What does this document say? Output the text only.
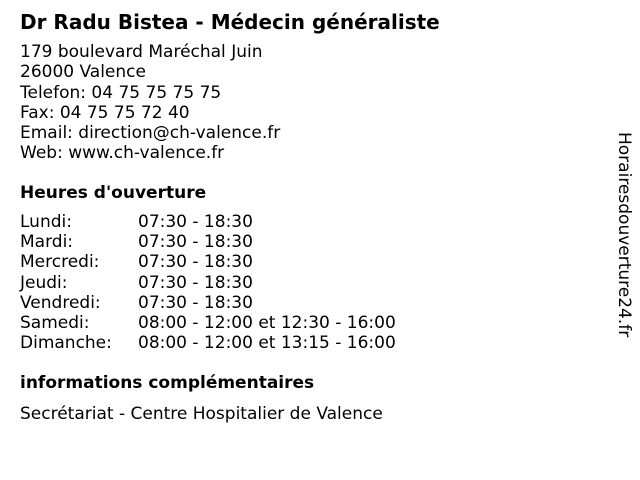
Dr Radu Bistea - Médecin généraliste
179 boulevard Maréchal Juin
26000 Valence
Telefon: 04 75 75 75 75
Fax: 04 75 75 72 40
Email: direction@ch-valence.fr
Web: www.ch-valence.fr
Heures d'ouverture
Lundi:	07:30 - 18:30
Mardi:	07:30 - 18:30
Mercredi: 07:30 - 18:30
Jeudi:	07:30 - 18:30
Vendredi: 07:30 - 18:30
Samedi:	08:00 - 12:00 et 12:30 - 16:00
Dimanche: 08:00 - 12:00 et 13:15 - 16:00
informations complémentaires
Secrétariat - Centre Hospitalier de Valence
Horairesdouverture24.fr
